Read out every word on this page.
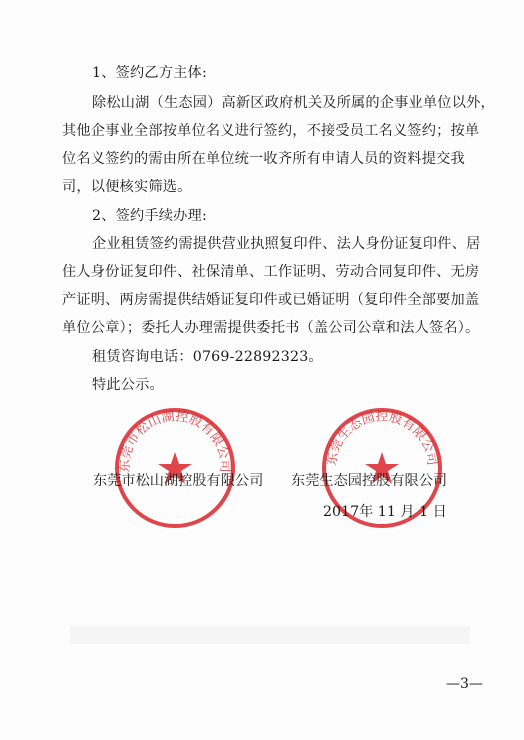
1、签约乙方主体:
除松山湖（生态园）高新区政府机关及所属的企事业单位以外，
其他企事业全部按单位名义进行签约，不接受员工名义签约；按单
位名义签约的需由所在单位统一收齐所有申请人员的资料提交我
司，以便核实筛选。
2、签约手续办理:
企业租赁签约需提供营业执照复印件、法人身份证复印件、居
住人身份证复印件、社保清单、工作证明、劳动合同复印件、无房
产证明、两房需提供结婚证复印件或已婚证明（复印件全部要加盖
单位公章）；委托人办理需提供委托书（盖公司公章和法人签名）。
租赁咨询电话：0769-22892323。
特此公示。
东莞市松山湖控股有限公司	东莞生态园控股有限公司
东莞市松山湖控股有限公司 东莞生态园控股有限公司
2017年 11 月 1 日
—3—
